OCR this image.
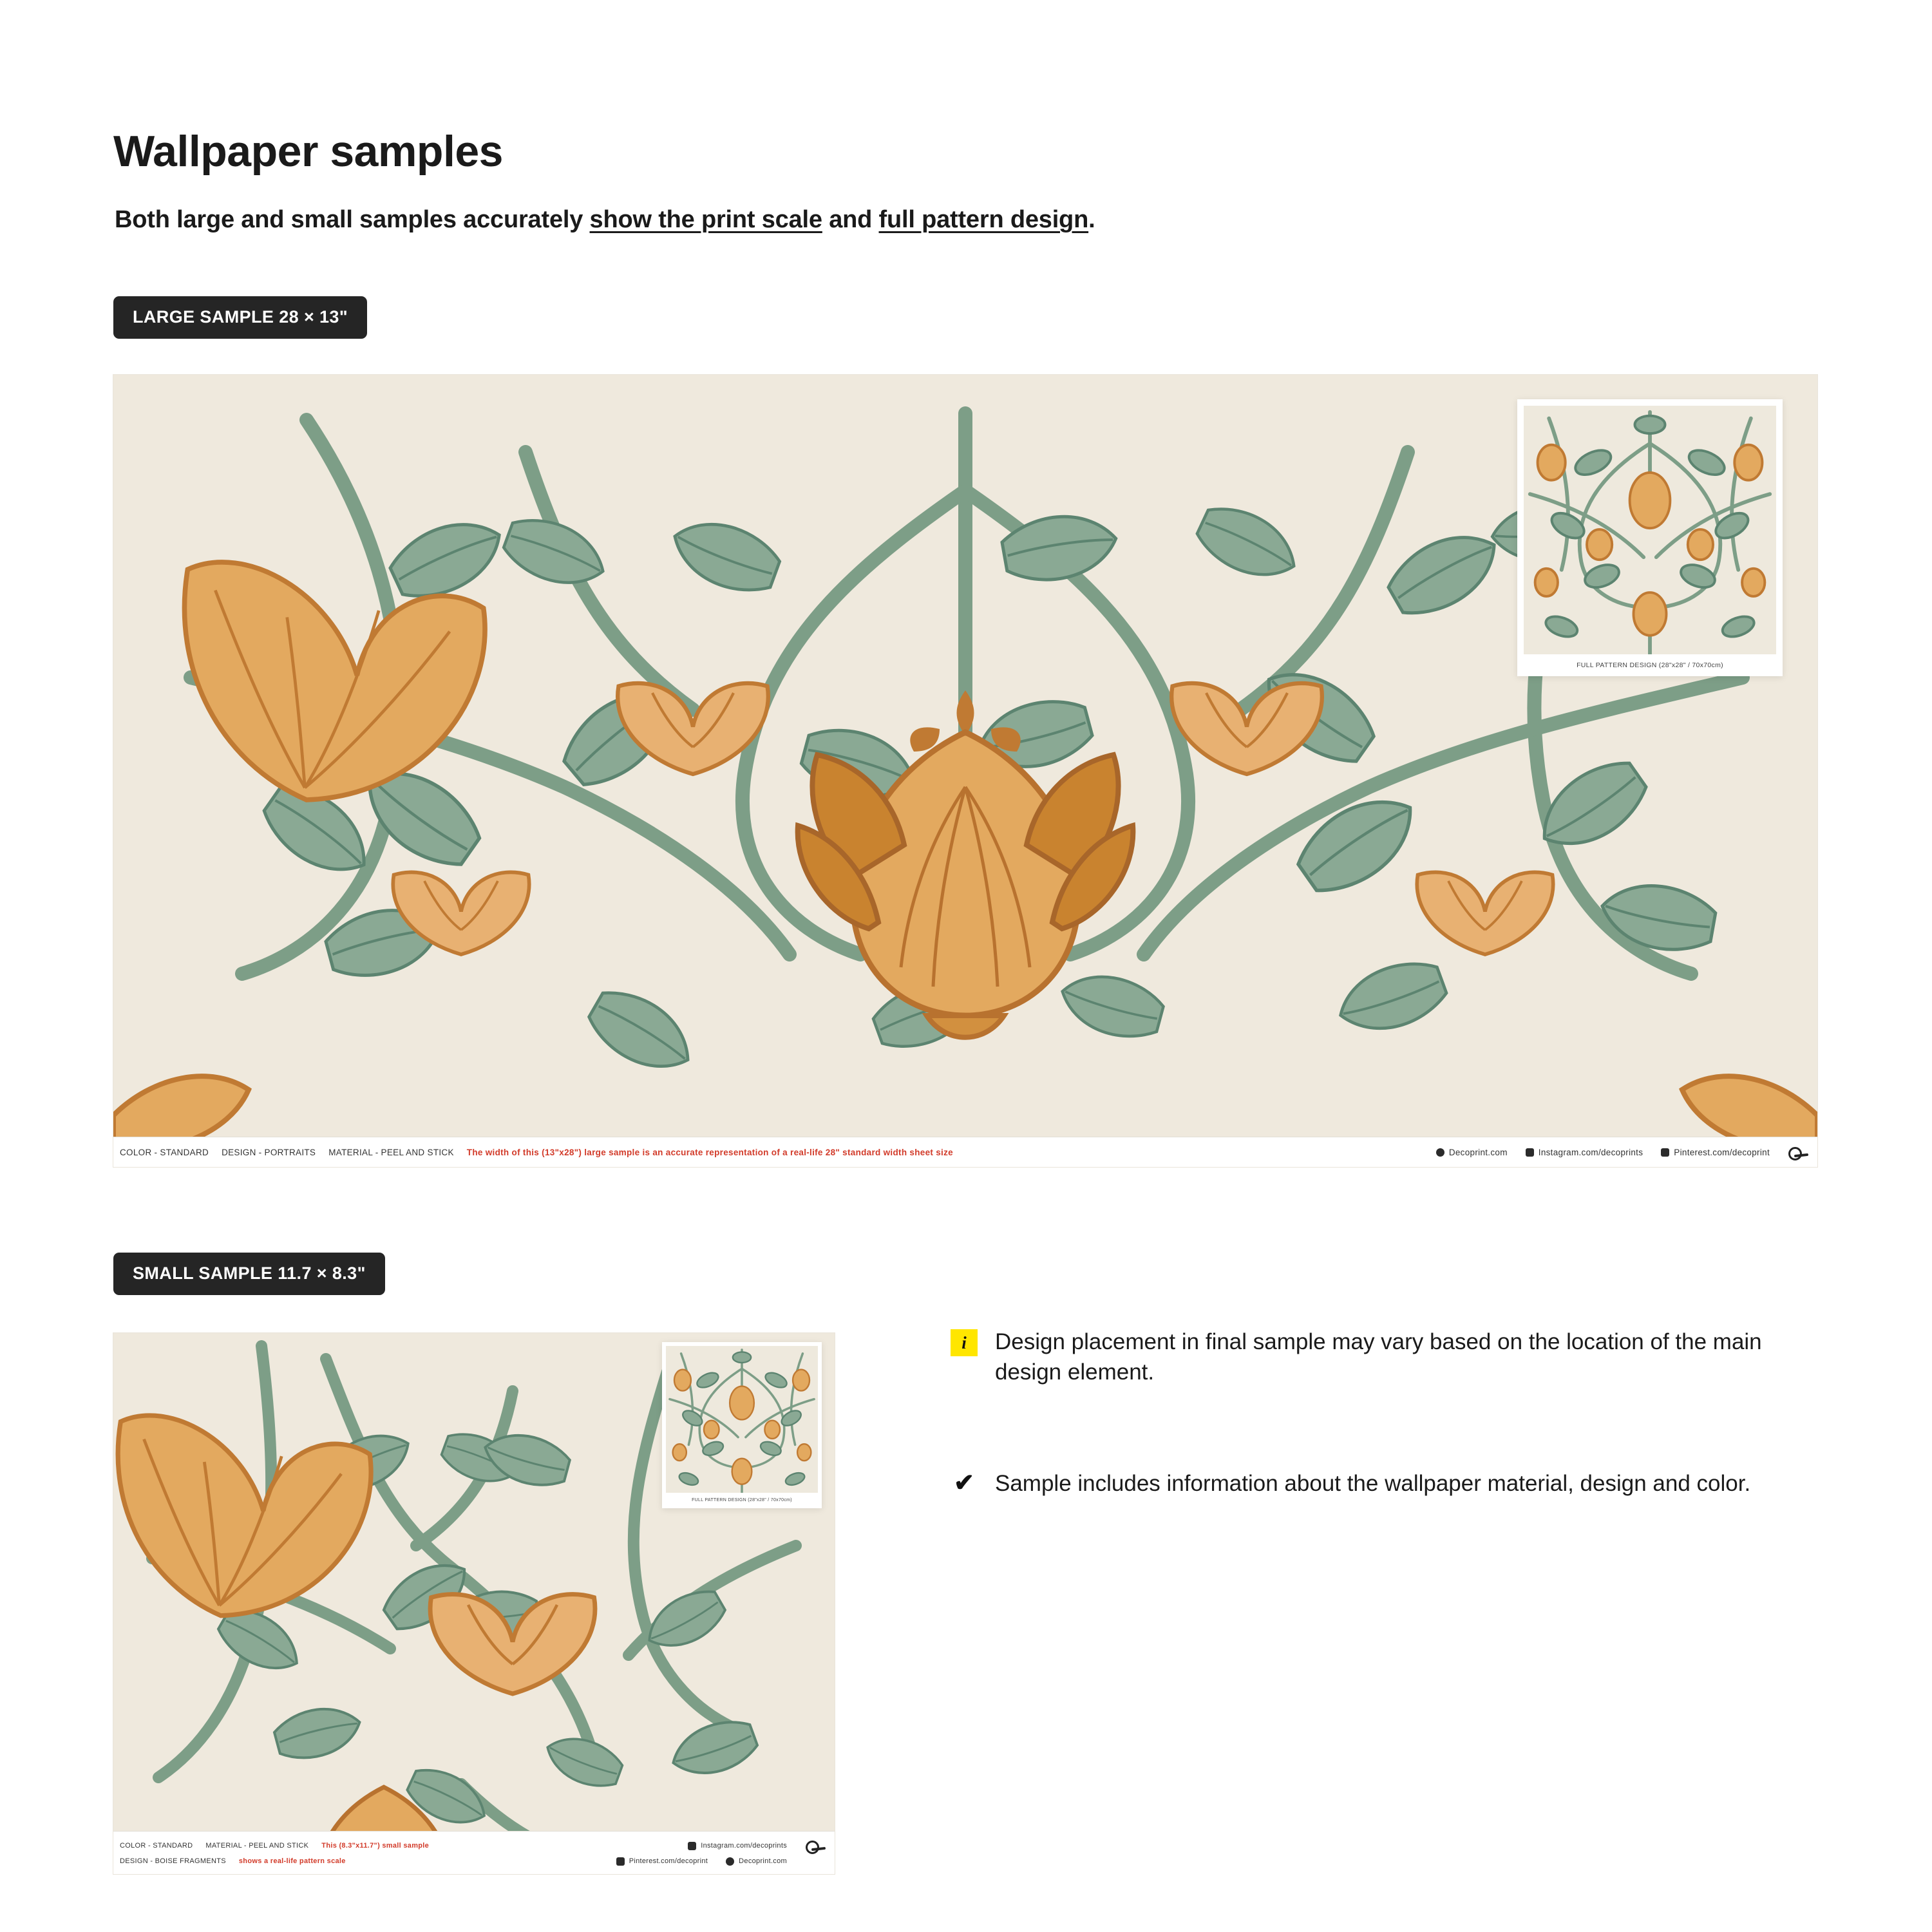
Wallpaper samples
Both large and small samples accurately show the print scale and full pattern design.
LARGE SAMPLE 28 × 13"
FULL PATTERN DESIGN (28"x28" / 70x70cm)
COLOR - STANDARD	DESIGN - PORTRAITS	MATERIAL - PEEL AND STICK	The width of this (13"x28") large sample is an accurate representation of a real-life 28" standard width sheet size	Decoprint.com	Instagram.com/decoprints	Pinterest.com/decoprint
SMALL SAMPLE 11.7 × 8.3"
FULL PATTERN DESIGN (28"x28" / 70x70cm)
COLOR - STANDARD	MATERIAL - PEEL AND STICK	This (8.3"x11.7") small sample	Instagram.com/decoprints
DESIGN - BOISE FRAGMENTS	shows a real-life pattern scale	Pinterest.com/decoprint	Decoprint.com
i	Design placement in final sample may vary based on the location of the main design element.
✔ Sample includes information about the wallpaper material, design and color.
